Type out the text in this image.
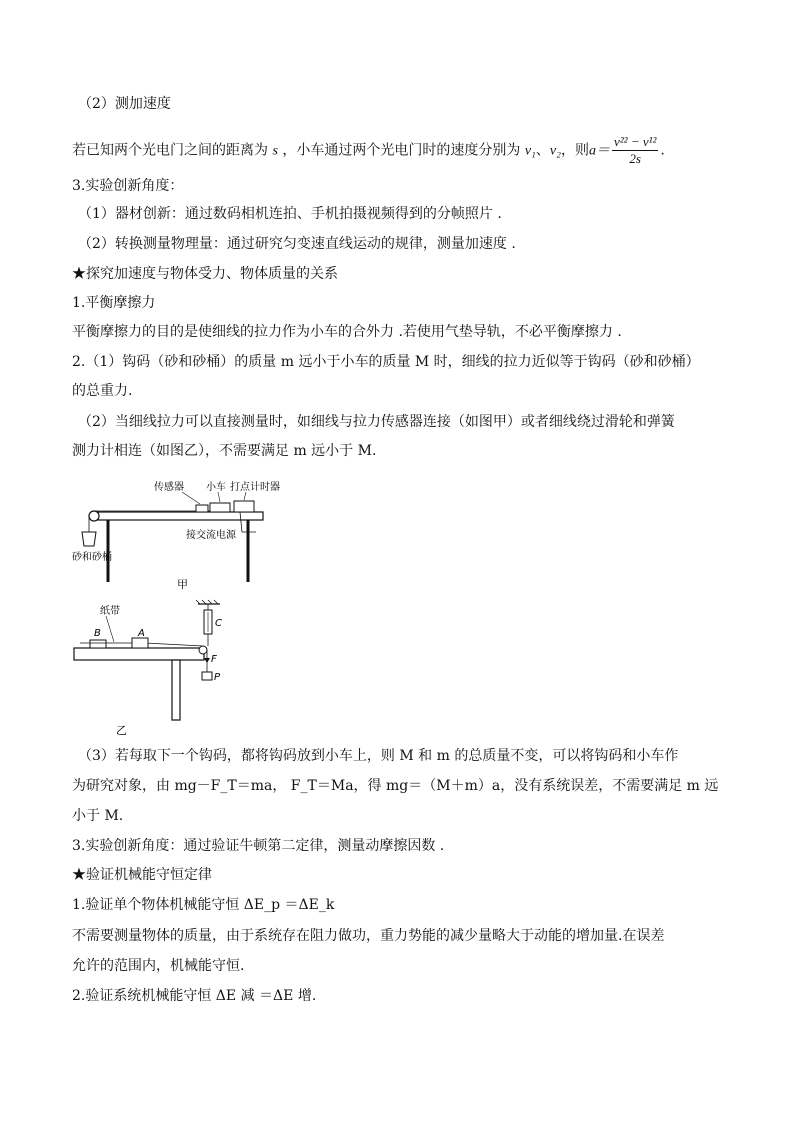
（2）测加速度
若已知两个光电门之间的距离为 s ，小车通过两个光电门时的速度分别为 v₁、v₂，则$a= \frac{\text{v²² − v¹²}}{2s}$ .
3.实验创新角度：
（1）器材创新：通过数码相机连拍、手机拍摄视频得到的分帧照片 .
（2）转换测量物理量：通过研究匀变速直线运动的规律，测量加速度 .
★探究加速度与物体受力、物体质量的关系
1.平衡摩擦力
平衡摩擦力的目的是使细线的拉力作为小车的合外力 .若使用气垫导轨，不必平衡摩擦力 .
2.（1）钩码（砂和砂桶）的质量 m 远小于小车的质量 M 时，细线的拉力近似等于钩码（砂和砂桶）
的总重力.
（2）当细线拉力可以直接测量时，如细线与拉力传感器连接（如图甲）或者细线绕过滑轮和弹簧
测力计相连（如图乙），不需要满足 m 远小于 M.
传感器 小车 打点计时器
接交流电源
砂和砂桶
甲
纸带
B	A
C
F
P
乙
（3）若每取下一个钩码，都将钩码放到小车上，则 M 和 m 的总质量不变，可以将钩码和小车作
为研究对象，由 mg－F_T＝ma， F_T＝Ma，得 mg＝（M＋m）a，没有系统误差，不需要满足 m 远
小于 M.
3.实验创新角度：通过验证牛顿第二定律，测量动摩擦因数 .
★验证机械能守恒定律
1.验证单个物体机械能守恒 ΔE_p ＝ΔE_k
不需要测量物体的质量，由于系统存在阻力做功，重力势能的减少量略大于动能的增加量.在误差
允许的范围内，机械能守恒.
2.验证系统机械能守恒 ΔE 减 ＝ΔE 增.
